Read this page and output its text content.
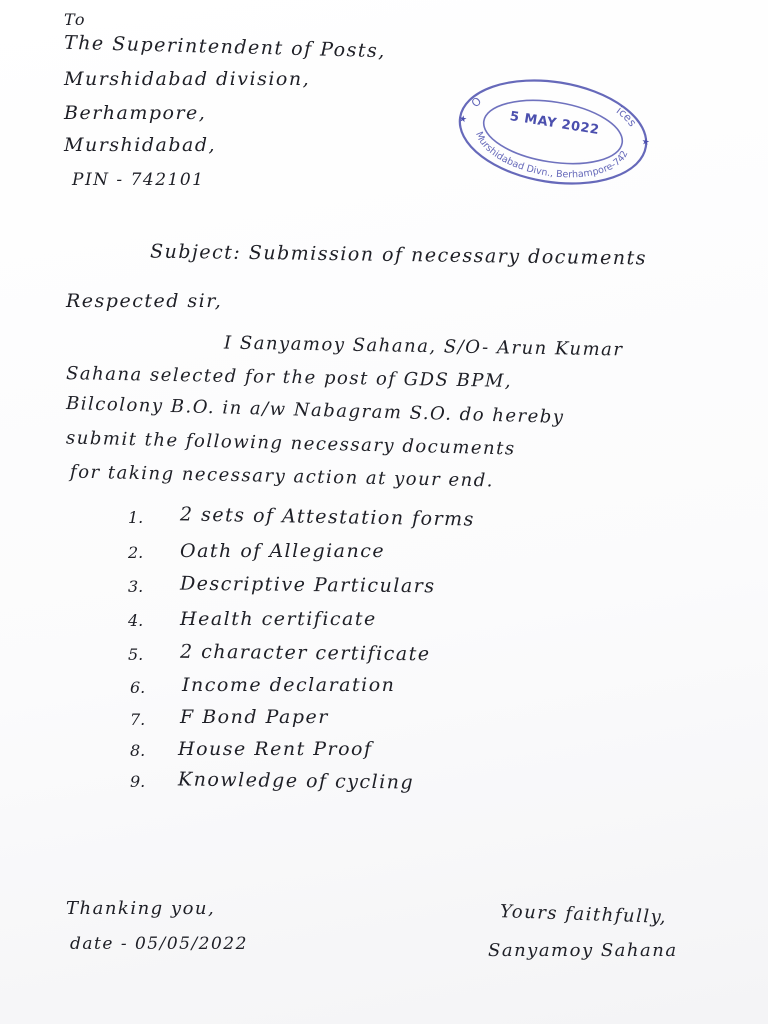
To
The Superintendent of Posts,
Murshidabad division,
Berhampore,
Murshidabad,
PIN - 742101
O	ices
Murshidabad Divn., Berhampore-742101
★
★	5 MAY 2022
Subject: Submission of necessary documents
Respected sir,
I Sanyamoy Sahana, S/O- Arun Kumar
Sahana selected for the post of GDS BPM,
Bilcolony B.O. in a/w Nabagram S.O. do hereby
submit the following necessary documents
for taking necessary action at your end.
1. 2 sets of Attestation forms
2. Oath of Allegiance
3. Descriptive Particulars
4. Health certificate
5. 2 character certificate
6. Income declaration
7. F Bond Paper
8. House Rent Proof
9. Knowledge of cycling
Thanking you,
date - 05/05/2022
Yours faithfully,
Sanyamoy Sahana
